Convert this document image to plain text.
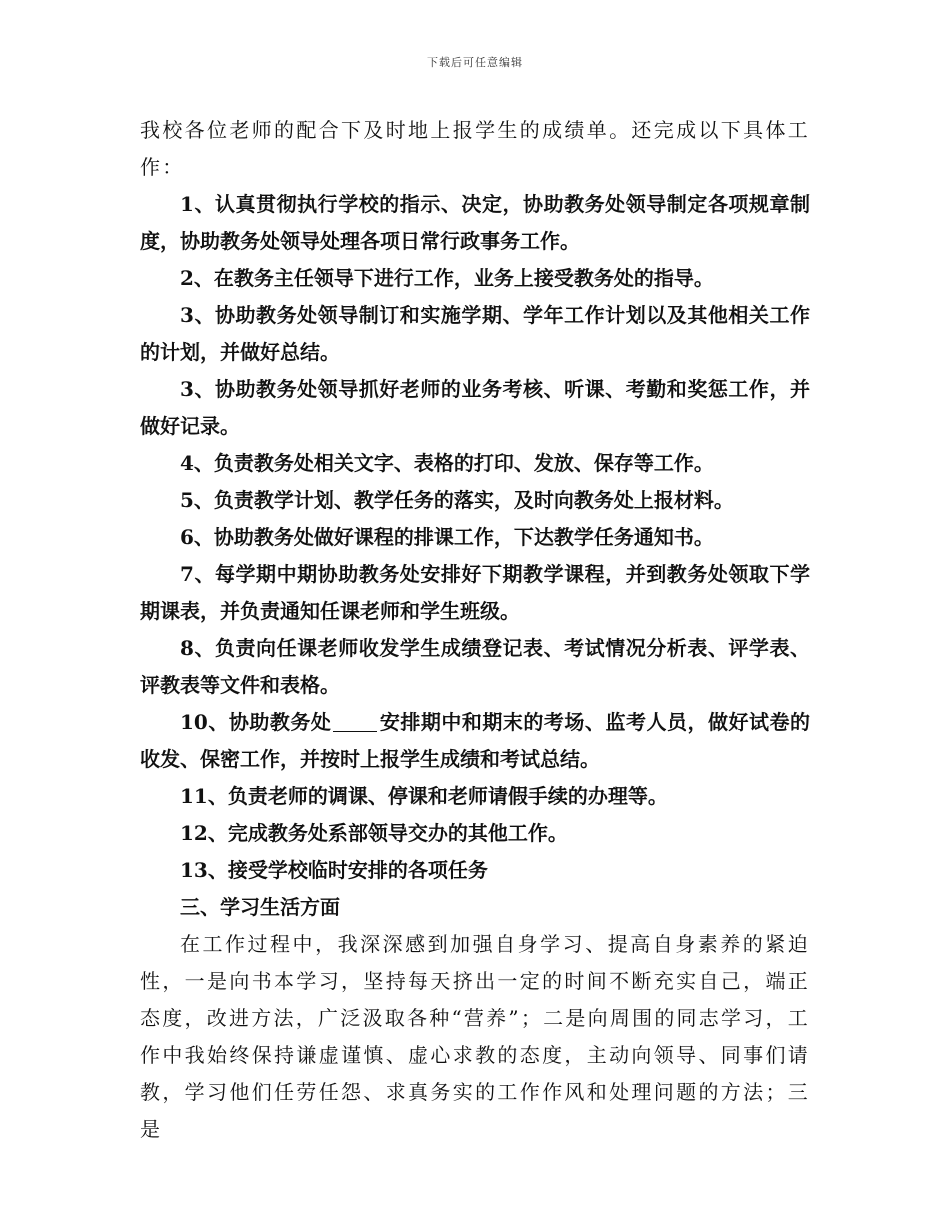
下载后可任意编辑

我校各位老师的配合下及时地上报学生的成绩单。还完成以下具体工作：

1、认真贯彻执行学校的指示、决定，协助教务处领导制定各项规章制度，协助教务处领导处理各项日常行政事务工作。

2、在教务主任领导下进行工作，业务上接受教务处的指导。

3、协助教务处领导制订和实施学期、学年工作计划以及其他相关工作的计划，并做好总结。

3、协助教务处领导抓好老师的业务考核、听课、考勤和奖惩工作，并做好记录。

4、负责教务处相关文字、表格的打印、发放、保存等工作。

5、负责教学计划、教学任务的落实，及时向教务处上报材料。

6、协助教务处做好课程的排课工作，下达教学任务通知书。

7、每学期中期协助教务处安排好下期教学课程，并到教务处领取下学期课表，并负责通知任课老师和学生班级。

8、负责向任课老师收发学生成绩登记表、考试情况分析表、评学表、评教表等文件和表格。

10、协助教务处 安排期中和期末的考场、监考人员，做好试卷的收发、保密工作，并按时上报学生成绩和考试总结。

11、负责老师的调课、停课和老师请假手续的办理等。

12、完成教务处系部领导交办的其他工作。

13、接受学校临时安排的各项任务

三、学习生活方面

在工作过程中，我深深感到加强自身学习、提高自身素养的紧迫性，一是向书本学习，坚持每天挤出一定的时间不断充实自己，端正态度，改进方法，广泛汲取各种“营养”；二是向周围的同志学习，工作中我始终保持谦虚谨慎、虚心求教的态度，主动向领导、同事们请教，学习他们任劳任怨、求真务实的工作作风和处理问题的方法；三是
